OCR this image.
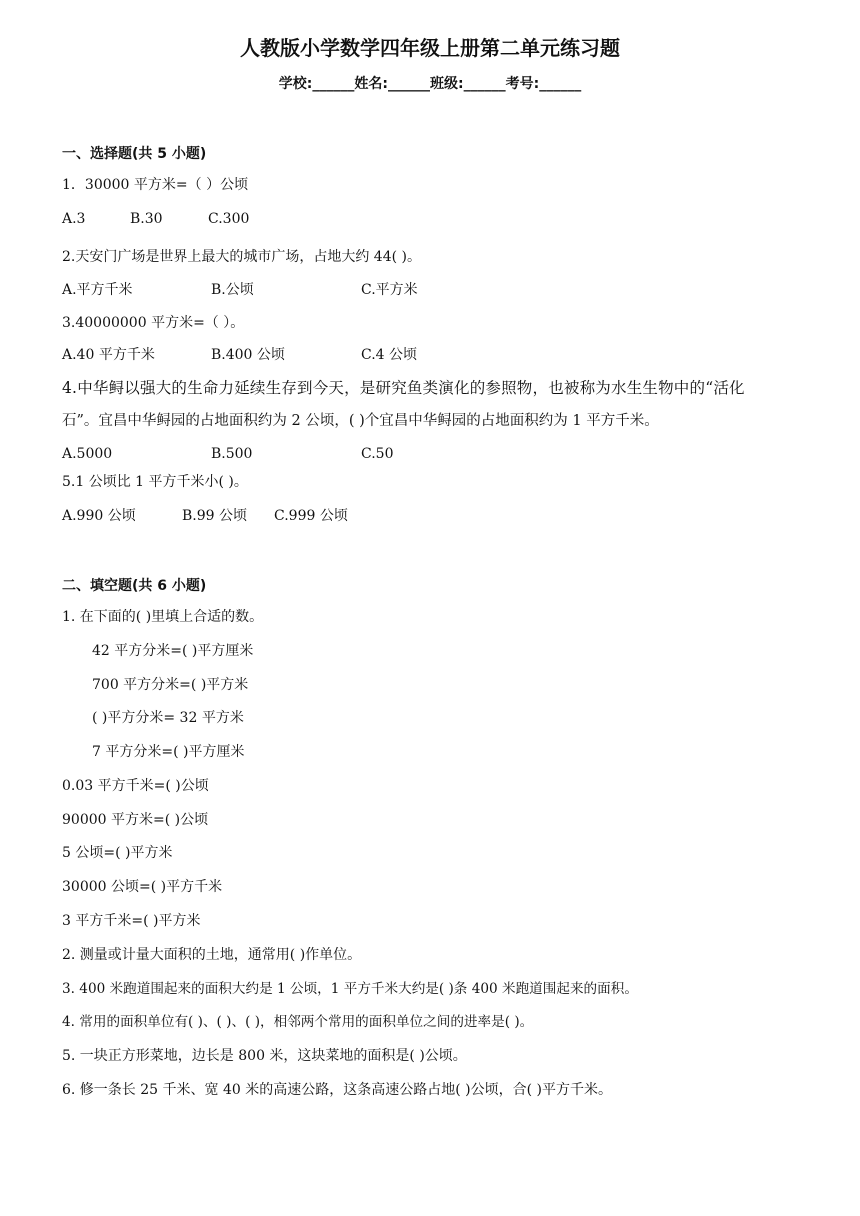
人教版小学数学四年级上册第二单元练习题
学校:______姓名:______班级:______考号:______
一、选择题(共 5 小题)
1．30000 平方米=（ ）公顷
A.3	B.30	C.300
2.天安门广场是世界上最大的城市广场，占地大约 44( )。
A.平方千米	B.公顷	C.平方米
3.40000000 平方米=（ ）。
A.40 平方千米	B.400 公顷	C.4 公顷
4.中华鲟以强大的生命力延续生存到今天，是研究鱼类演化的参照物，也被称为水生生物中的“活化
石”。宜昌中华鲟园的占地面积约为 2 公顷，( )个宜昌中华鲟园的占地面积约为 1 平方千米。
A.5000	B.500	C.50
5.1 公顷比 1 平方千米小( )。
A.990 公顷	B.99 公顷 C.999 公顷
二、填空题(共 6 小题)
1. 在下面的( )里填上合适的数。
42 平方分米=( )平方厘米
700 平方分米=( )平方米
( )平方分米= 32 平方米
7 平方分米=( )平方厘米
0.03 平方千米=( )公顷
90000 平方米=( )公顷
5 公顷=( )平方米
30000 公顷=( )平方千米
3 平方千米=( )平方米
2. 测量或计量大面积的土地，通常用( )作单位。
3. 400 米跑道围起来的面积大约是 1 公顷，1 平方千米大约是( )条 400 米跑道围起来的面积。
4. 常用的面积单位有( )、( )、( )，相邻两个常用的面积单位之间的进率是( )。
5. 一块正方形菜地，边长是 800 米，这块菜地的面积是( )公顷。
6. 修一条长 25 千米、宽 40 米的高速公路，这条高速公路占地( )公顷，合( )平方千米。
